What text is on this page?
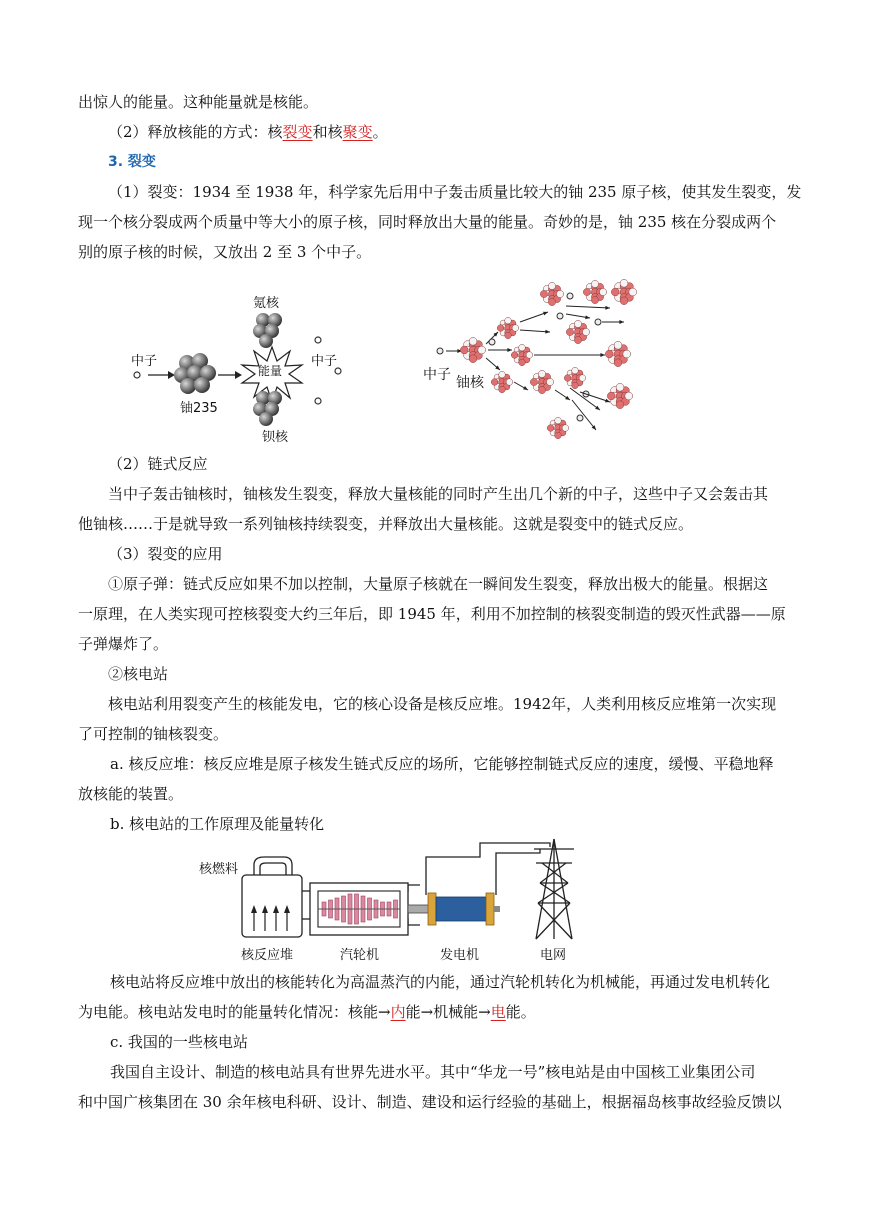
出惊人的能量。这种能量就是核能。
（2）释放核能的方式：核裂变和核聚变。
3. 裂变
（1）裂变：1934 至 1938 年，科学家先后用中子轰击质量比较大的铀 235 原子核，使其发生裂变，发
现一个核分裂成两个质量中等大小的原子核，同时释放出大量的能量。奇妙的是，铀 235 核在分裂成两个
别的原子核的时候，又放出 2 至 3 个中子。
氪核
中子
铀235
能量
中子
钡核
中子 铀核
（2）链式反应
当中子轰击铀核时，铀核发生裂变，释放大量核能的同时产生出几个新的中子，这些中子又会轰击其
他铀核……于是就导致一系列铀核持续裂变，并释放出大量核能。这就是裂变中的链式反应。
（3）裂变的应用
①原子弹：链式反应如果不加以控制，大量原子核就在一瞬间发生裂变，释放出极大的能量。根据这
一原理，在人类实现可控核裂变大约三年后，即 1945 年，利用不加控制的核裂变制造的毁灭性武器——原
子弹爆炸了。
②核电站
核电站利用裂变产生的核能发电，它的核心设备是核反应堆。1942年，人类利用核反应堆第一次实现
了可控制的铀核裂变。
a. 核反应堆：核反应堆是原子核发生链式反应的场所，它能够控制链式反应的速度，缓慢、平稳地释
放核能的装置。
b. 核电站的工作原理及能量转化
核燃料
核反应堆	汽轮机	发电机	电网
核电站将反应堆中放出的核能转化为高温蒸汽的内能，通过汽轮机转化为机械能，再通过发电机转化
为电能。核电站发电时的能量转化情况：核能→内能→机械能→电能。
c. 我国的一些核电站
我国自主设计、制造的核电站具有世界先进水平。其中“华龙一号”核电站是由中国核工业集团公司
和中国广核集团在 30 余年核电科研、设计、制造、建设和运行经验的基础上，根据福岛核事故经验反馈以
